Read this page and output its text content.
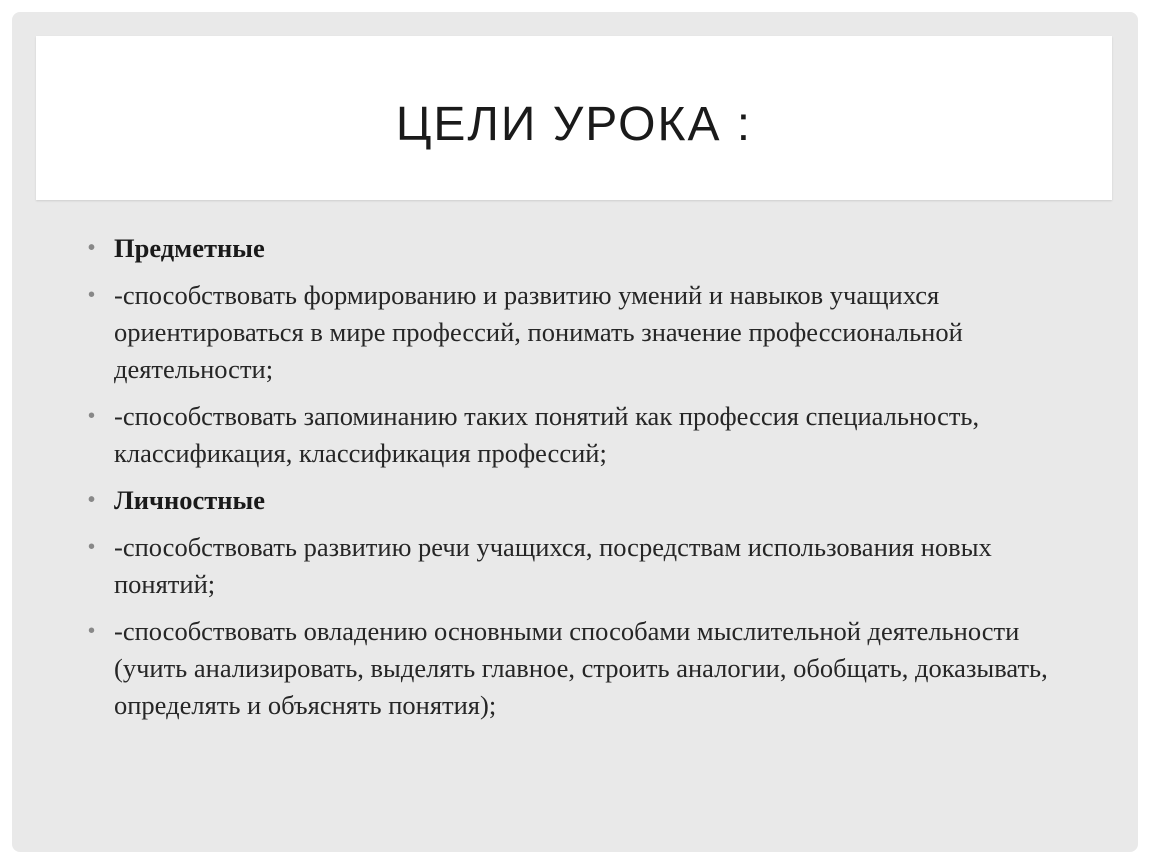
ЦЕЛИ УРОКА :
• Предметные
• -способствовать формированию и развитию умений и навыков учащихся ориентироваться в мире профессий, понимать значение профессиональной деятельности;
• -способствовать запоминанию таких понятий как профессия специальность, классификация, классификация профессий;
• Личностные
• -способствовать развитию речи учащихся, посредствам использования новых понятий;
• -способствовать овладению основными способами мыслительной деятельности (учить анализировать, выделять главное, строить аналогии, обобщать, доказывать, определять и объяснять понятия);
